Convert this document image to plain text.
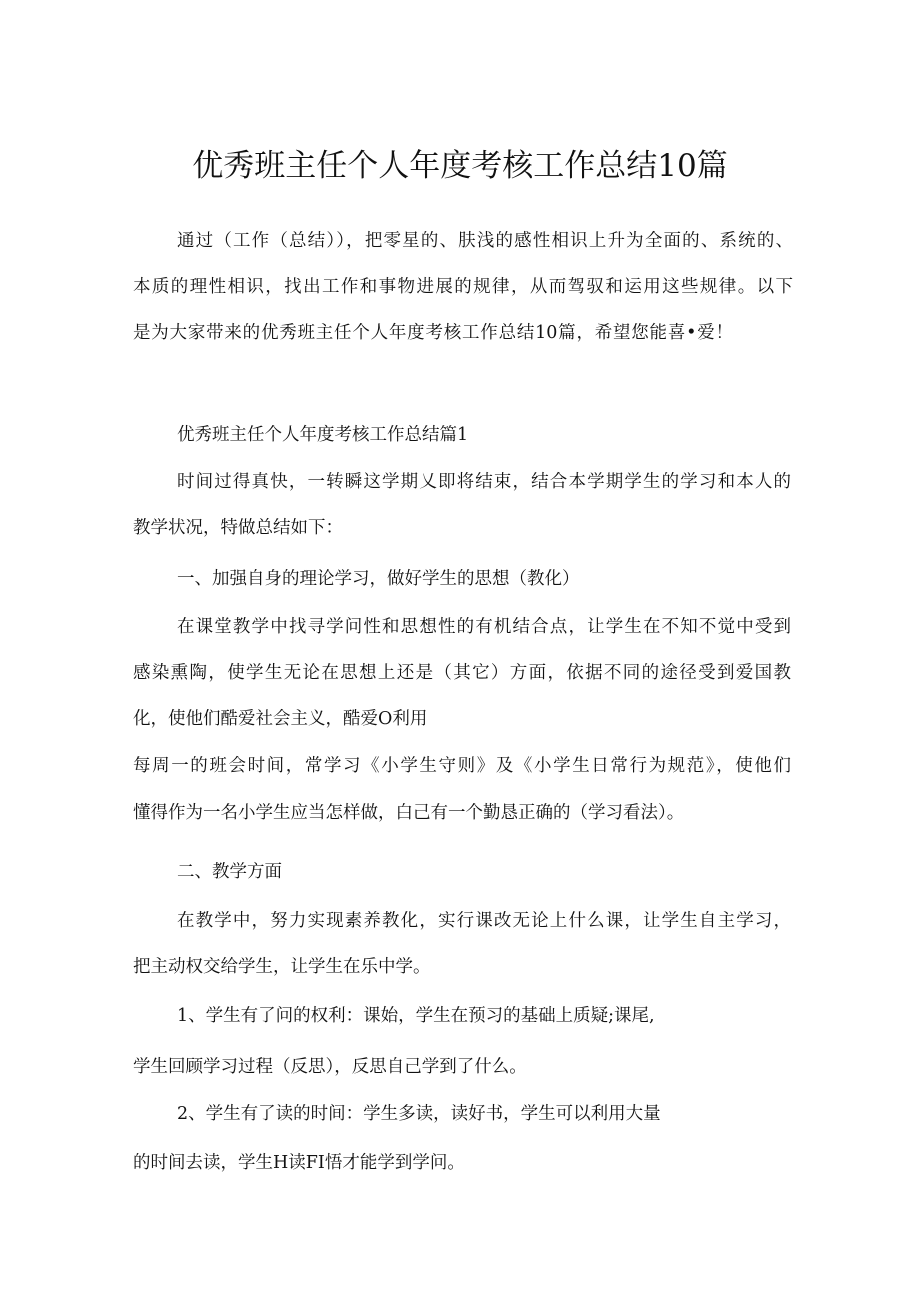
优秀班主任个人年度考核工作总结10篇
通过（工作（总结）），把零星的、肤浅的感性相识上升为全面的、系统的、
本质的理性相识，找出工作和事物进展的规律，从而驾驭和运用这些规律。以下
是为大家带来的优秀班主任个人年度考核工作总结10篇，希望您能喜•爱！
优秀班主任个人年度考核工作总结篇1
时间过得真快，一转瞬这学期乂即将结束，结合本学期学生的学习和本人的
教学状况，特做总结如下：
一、加强自身的理论学习，做好学生的思想（教化）
在课堂教学中找寻学问性和思想性的有机结合点，让学生在不知不觉中受到
感染熏陶，使学生无论在思想上还是（其它）方面，依据不同的途径受到爱国教
化，使他们酷爱社会主义，酷爱O利用
每周一的班会时间，常学习《小学生守则》及《小学生日常行为规范》，使他们
懂得作为一名小学生应当怎样做，白己有一个勤恳正确的（学习看法）。
二、教学方面
在教学中，努力实现素养教化，实行课改无论上什么课，让学生自主学习，
把主动权交给学生，让学生在乐中学。
1、学生有了问的权利：课始，学生在预习的基础上质疑;课尾,
学生回顾学习过程（反思），反思自己学到了什么。
2、学生有了读的时间：学生多读，读好书，学生可以利用大量
的时间去读，学生H读FI悟才能学到学问。
